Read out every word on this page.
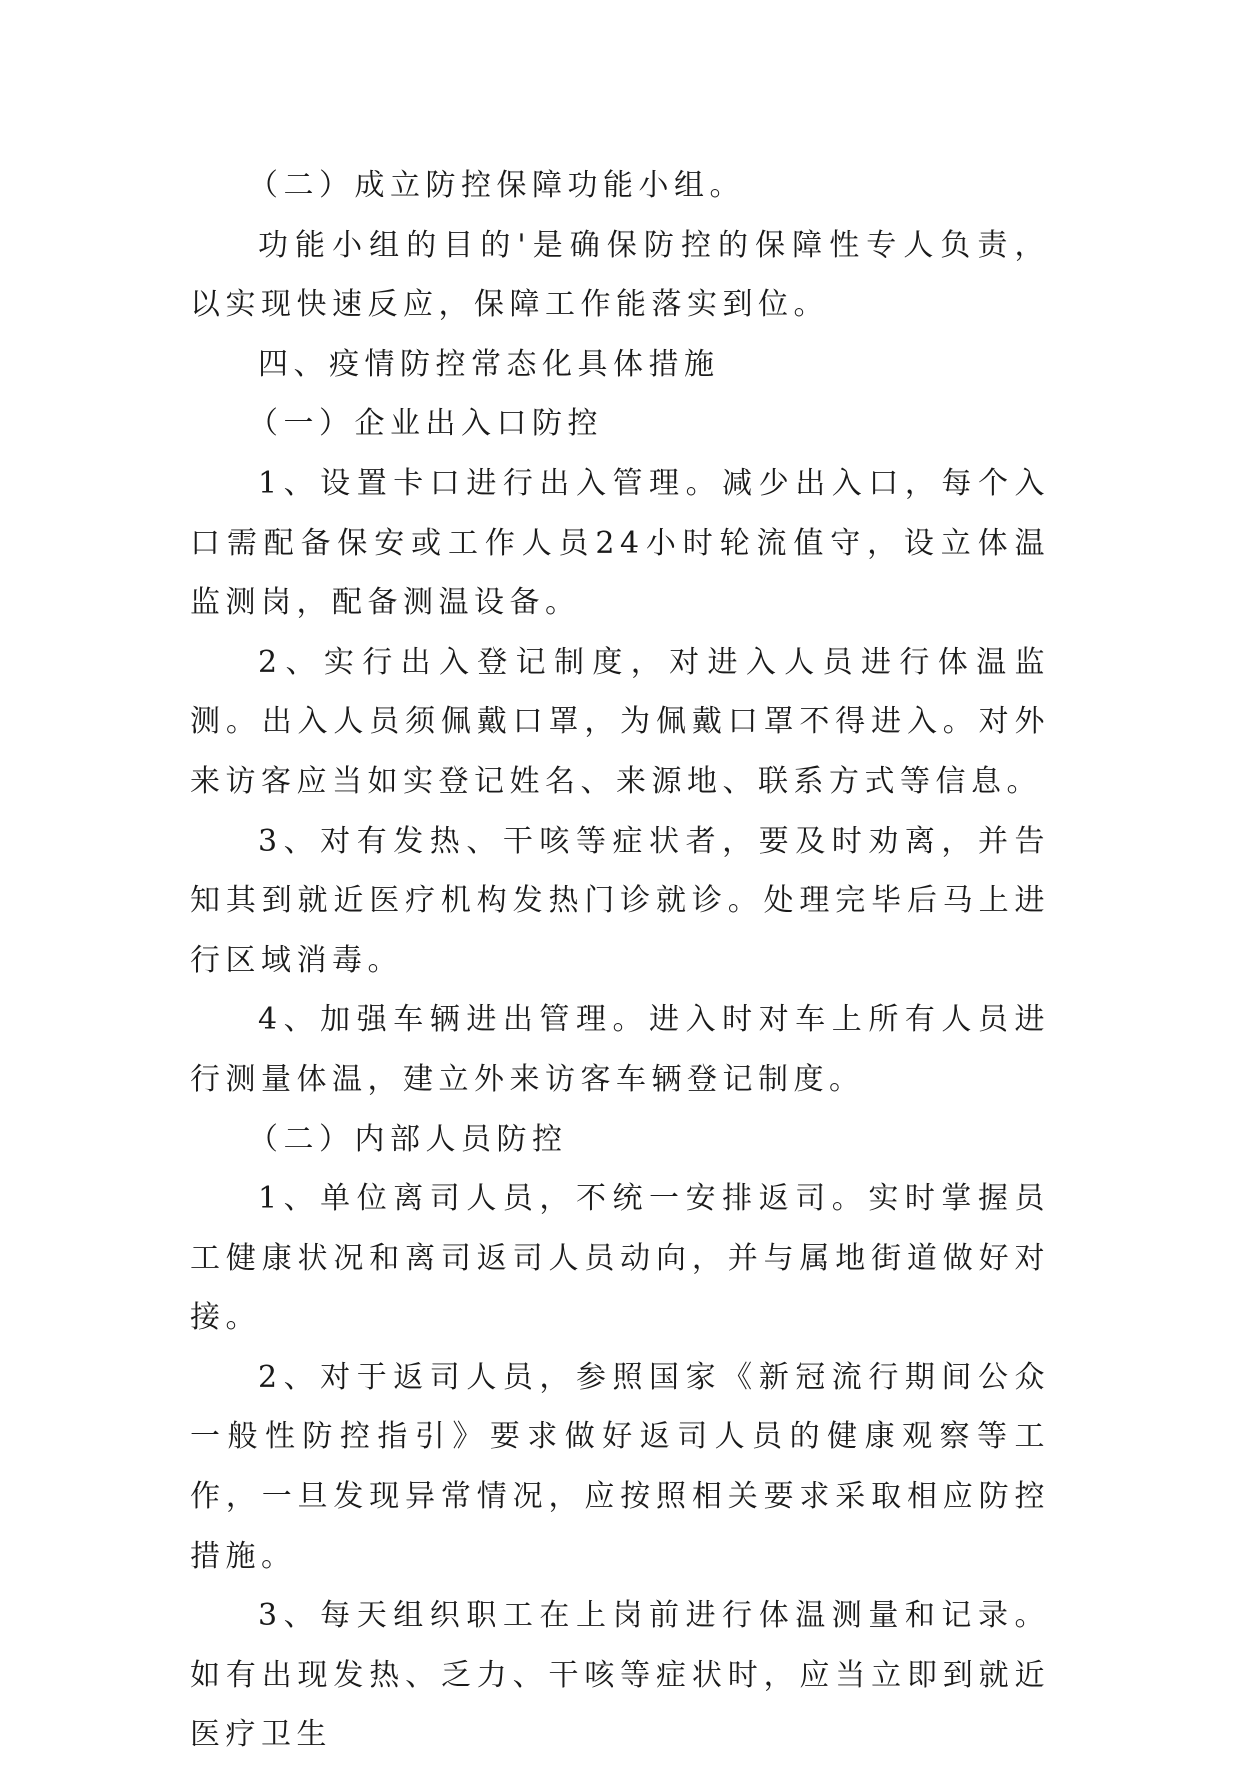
（二）成立防控保障功能小组。

功能小组的目的'是确保防控的保障性专人负责，以实现快速反应，保障工作能落实到位。

四、疫情防控常态化具体措施

（一）企业出入口防控

1、设置卡口进行出入管理。减少出入口，每个入口需配备保安或工作人员24小时轮流值守，设立体温监测岗，配备测温设备。

2、实行出入登记制度，对进入人员进行体温监测。出入人员须佩戴口罩，为佩戴口罩不得进入。对外来访客应当如实登记姓名、来源地、联系方式等信息。

3、对有发热、干咳等症状者，要及时劝离，并告知其到就近医疗机构发热门诊就诊。处理完毕后马上进行区域消毒。

4、加强车辆进出管理。进入时对车上所有人员进行测量体温，建立外来访客车辆登记制度。

（二）内部人员防控

1、单位离司人员，不统一安排返司。实时掌握员工健康状况和离司返司人员动向，并与属地街道做好对接。

2、对于返司人员，参照国家《新冠流行期间公众一般性防控指引》要求做好返司人员的健康观察等工作，一旦发现异常情况，应按照相关要求采取相应防控措施。

3、每天组织职工在上岗前进行体温测量和记录。如有出现发热、乏力、干咳等症状时，应当立即到就近医疗卫生
